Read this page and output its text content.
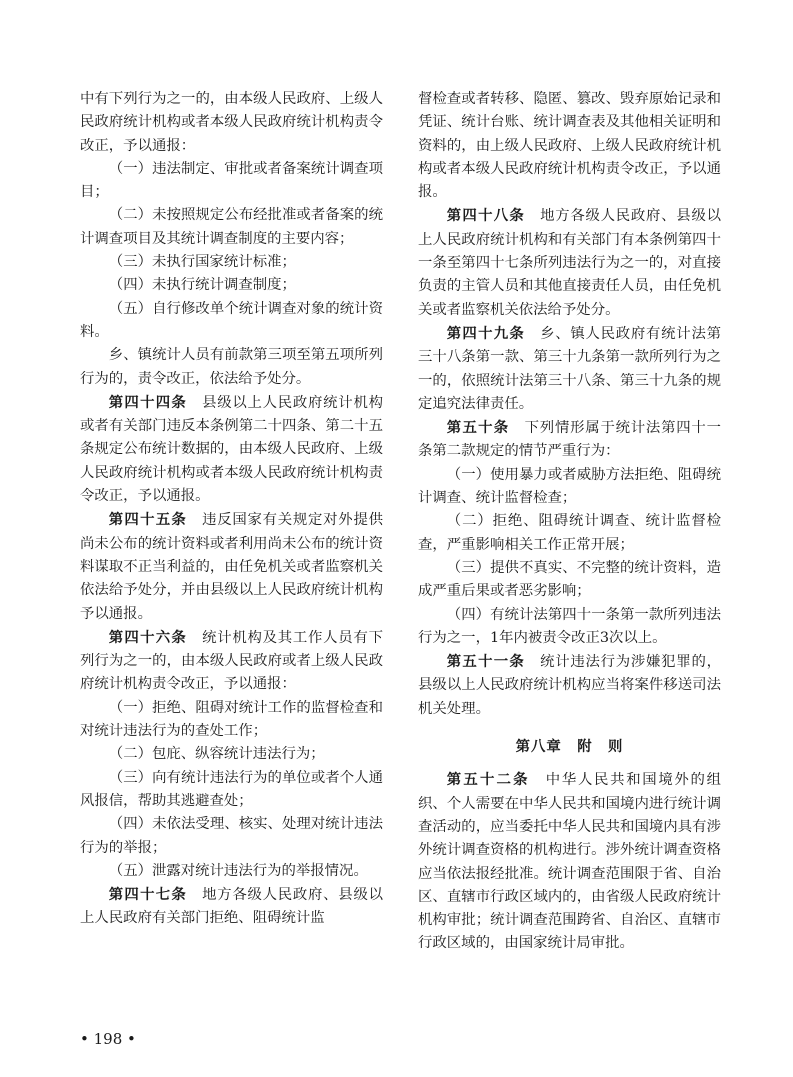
中有下列行为之一的，由本级人民政府、上级人民政府统计机构或者本级人民政府统计机构责令改正，予以通报：

（一）违法制定、审批或者备案统计调查项目；

（二）未按照规定公布经批准或者备案的统计调查项目及其统计调查制度的主要内容；

（三）未执行国家统计标准；

（四）未执行统计调查制度；

（五）自行修改单个统计调查对象的统计资料。

乡、镇统计人员有前款第三项至第五项所列行为的，责令改正，依法给予处分。

第四十四条　 县级以上人民政府统计机构或者有关部门违反本条例第二十四条、第二十五条规定公布统计数据的，由本级人民政府、上级人民政府统计机构或者本级人民政府统计机构责令改正，予以通报。

第四十五条　 违反国家有关规定对外提供尚未公布的统计资料或者利用尚未公布的统计资料谋取不正当利益的，由任免机关或者监察机关依法给予处分，并由县级以上人民政府统计机构予以通报。

第四十六条　 统计机构及其工作人员有下列行为之一的，由本级人民政府或者上级人民政府统计机构责令改正，予以通报：

（一）拒绝、阻碍对统计工作的监督检查和对统计违法行为的查处工作；

（二）包庇、纵容统计违法行为；

（三）向有统计违法行为的单位或者个人通风报信，帮助其逃避查处；

（四）未依法受理、核实、处理对统计违法行为的举报；

（五）泄露对统计违法行为的举报情况。

第四十七条　 地方各级人民政府、县级以上人民政府有关部门拒绝、阻碍统计监

督检查或者转移、隐匿、篡改、毁弃原始记录和凭证、统计台账、统计调查表及其他相关证明和资料的，由上级人民政府、上级人民政府统计机构或者本级人民政府统计机构责令改正，予以通报。

第四十八条　 地方各级人民政府、县级以上人民政府统计机构和有关部门有本条例第四十一条至第四十七条所列违法行为之一的，对直接负责的主管人员和其他直接责任人员，由任免机关或者监察机关依法给予处分。

第四十九条　 乡、镇人民政府有统计法第三十八条第一款、第三十九条第一款所列行为之一的，依照统计法第三十八条、第三十九条的规定追究法律责任。

第五十条　 下列情形属于统计法第四十一条第二款规定的情节严重行为：

（一）使用暴力或者威胁方法拒绝、阻碍统计调查、统计监督检查；

（二）拒绝、阻碍统计调查、统计监督检查，严重影响相关工作正常开展；

（三）提供不真实、不完整的统计资料，造成严重后果或者恶劣影响；

（四）有统计法第四十一条第一款所列违法行为之一，1年内被责令改正3次以上。

第五十一条　 统计违法行为涉嫌犯罪的，县级以上人民政府统计机构应当将案件移送司法机关处理。

第八章　附　则

第五十二条　 中华人民共和国境外的组织、个人需要在中华人民共和国境内进行统计调查活动的，应当委托中华人民共和国境内具有涉外统计调查资格的机构进行。涉外统计调查资格应当依法报经批准。统计调查范围限于省、自治区、直辖市行政区域内的，由省级人民政府统计机构审批；统计调查范围跨省、自治区、直辖市行政区域的，由国家统计局审批。

• 198 •
